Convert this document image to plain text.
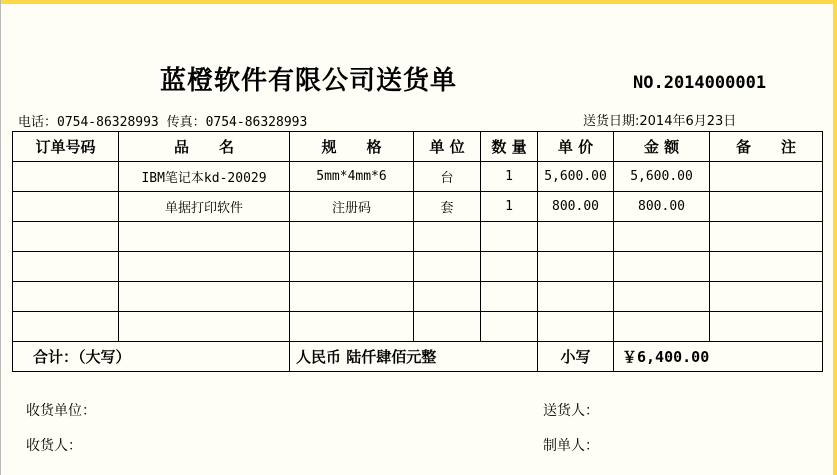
蓝橙软件有限公司送货单	NO.2014000001
电话：0754-86328993 传真：0754-86328993	送货日期:2014年6月23日
订单号码	品　　名	规　　格	单 位	数 量	单 价	金 额	备　　注
	IBM笔记本kd-20029	5mm*4mm*6	台	1	5,600.00	5,600.00	
	单据打印软件	注册码	套	1	800.00	800.00	

合计：（大写）		人民币 陆仟肆佰元整			小写	￥6,400.00	
收货单位：	送货人：
收货人：	制单人：
